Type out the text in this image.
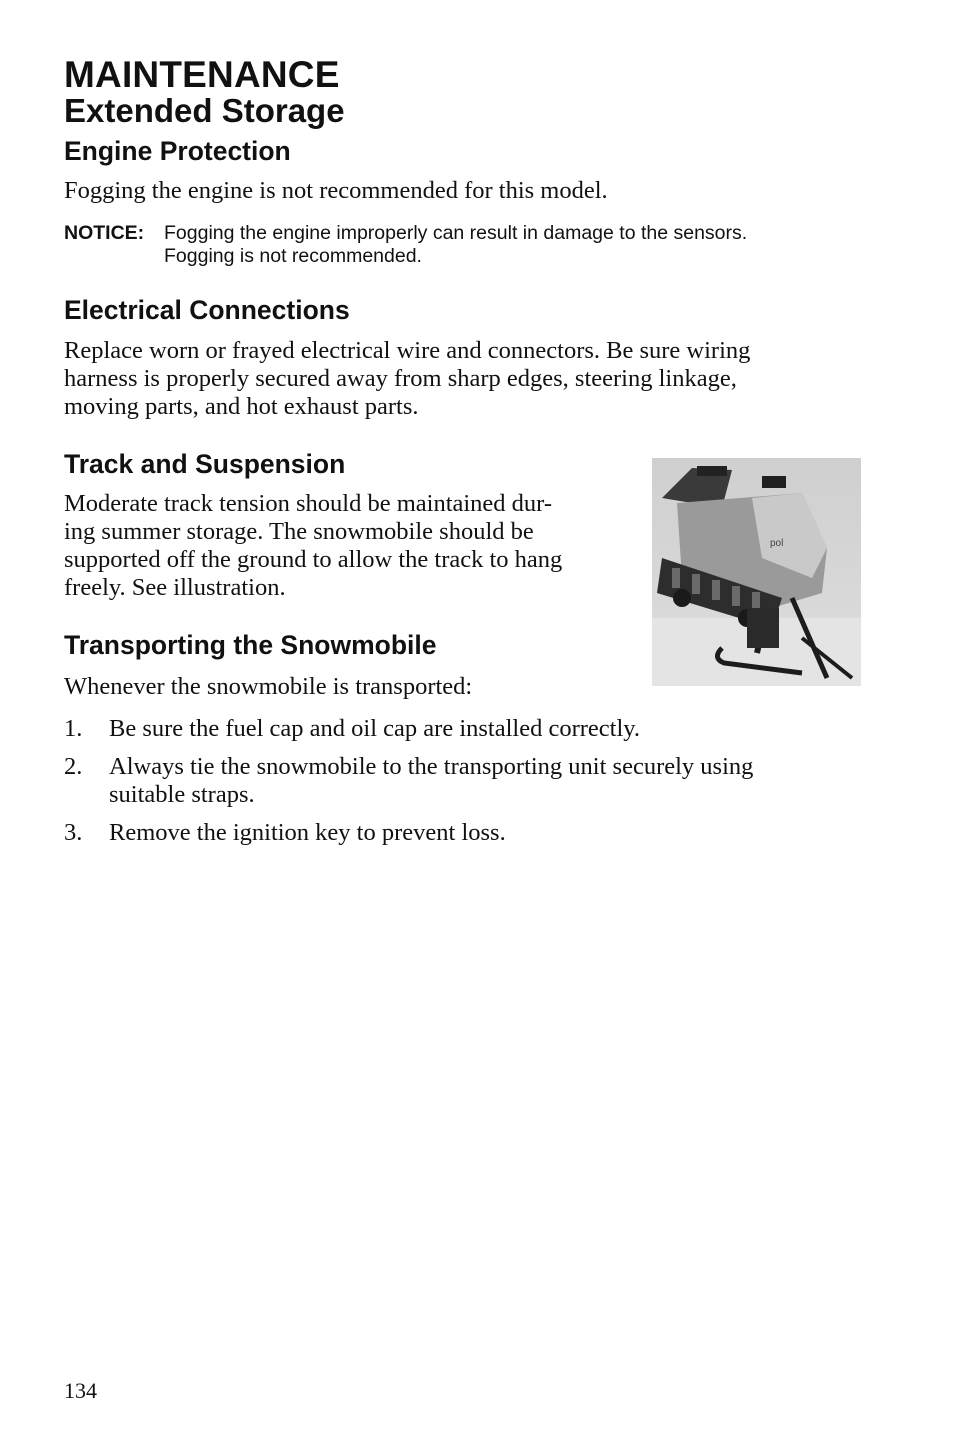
MAINTENANCE
Extended Storage
Engine Protection

Fogging the engine is not recommended for this model.

NOTICE: Fogging the engine improperly can result in damage to the sensors.
Fogging is not recommended.
Electrical Connections
Replace worn or frayed electrical wire and connectors. Be sure wiring
harness is properly secured away from sharp edges, steering linkage,
moving parts, and hot exhaust parts.
Track and Suspension
Moderate track tension should be maintained dur-
ing summer storage. The snowmobile should be
supported off the ground to allow the track to hang
freely. See illustration.
pol
Transporting the Snowmobile

Whenever the snowmobile is transported:

1.	Be sure the fuel cap and oil cap are installed correctly.
2.	Always tie the snowmobile to the transporting unit securely using
suitable straps.
3.	Remove the ignition key to prevent loss.
134
